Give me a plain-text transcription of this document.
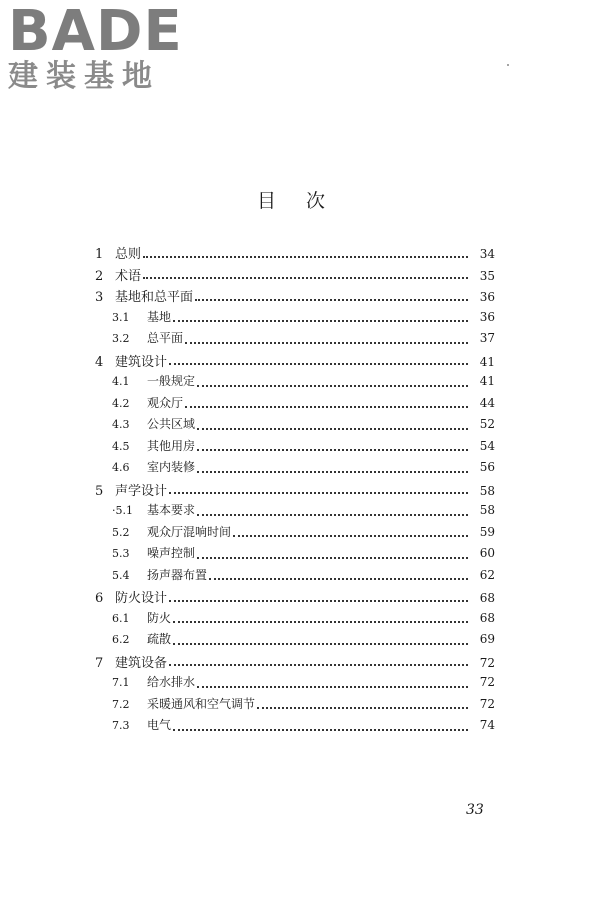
BADE
建装基地
目次
1 总则	34
2 术语	35
3 基地和总平面	36
3.1	基地	36
3.2	总平面	37
4 建筑设计	41
4.1	一般规定	41
4.2	观众厅	44
4.3	公共区域	52
4.5	其他用房	54
4.6	室内装修	56
5 声学设计	58
·5.1	基本要求	58
5.2	观众厅混响时间	59
5.3	噪声控制	60
5.4	扬声器布置	62
6 防火设计	68
6.1	防火	68
6.2	疏散	69
7 建筑设备	72
7.1	给水排水	72
7.2	采暖通风和空气调节	72
7.3	电气	74
33
